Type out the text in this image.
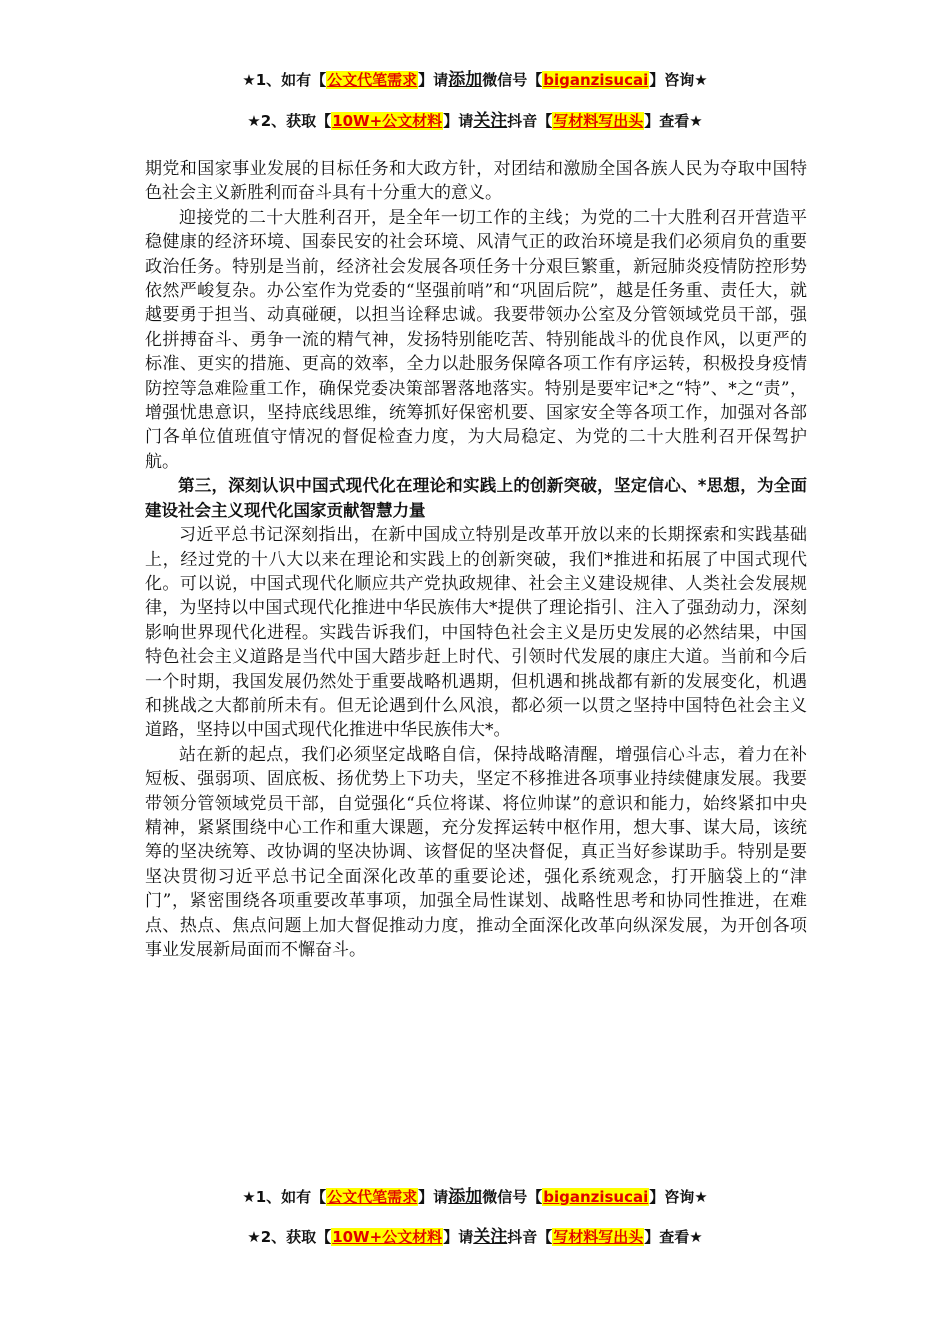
★1、如有【公文代笔需求】请添加微信号【biganzisucai】咨询★
★2、获取【10W+公文材料】请关注抖音【写材料写出头】查看★

期党和国家事业发展的目标任务和大政方针，对团结和激励全国各族人民为夺取中国特色社会主义新胜利而奋斗具有十分重大的意义。

迎接党的二十大胜利召开，是全年一切工作的主线；为党的二十大胜利召开营造平稳健康的经济环境、国泰民安的社会环境、风清气正的政治环境是我们必须肩负的重要政治任务。特别是当前，经济社会发展各项任务十分艰巨繁重，新冠肺炎疫情防控形势依然严峻复杂。办公室作为党委的“坚强前哨”和“巩固后院”，越是任务重、责任大，就越要勇于担当、动真碰硬，以担当诠释忠诚。我要带领办公室及分管领域党员干部，强化拼搏奋斗、勇争一流的精气神，发扬特别能吃苦、特别能战斗的优良作风，以更严的标准、更实的措施、更高的效率，全力以赴服务保障各项工作有序运转，积极投身疫情防控等急难险重工作，确保党委决策部署落地落实。特别是要牢记*之“特”、*之“责”，增强忧患意识，坚持底线思维，统筹抓好保密机要、国家安全等各项工作，加强对各部门各单位值班值守情况的督促检查力度，为大局稳定、为党的二十大胜利召开保驾护航。

第三，深刻认识中国式现代化在理论和实践上的创新突破，坚定信心、*思想，为全面建设社会主义现代化国家贡献智慧力量

习近平总书记深刻指出，在新中国成立特别是改革开放以来的长期探索和实践基础上，经过党的十八大以来在理论和实践上的创新突破，我们*推进和拓展了中国式现代化。可以说，中国式现代化顺应共产党执政规律、社会主义建设规律、人类社会发展规律，为坚持以中国式现代化推进中华民族伟大*提供了理论指引、注入了强劲动力，深刻影响世界现代化进程。实践告诉我们，中国特色社会主义是历史发展的必然结果，中国特色社会主义道路是当代中国大踏步赶上时代、引领时代发展的康庄大道。当前和今后一个时期，我国发展仍然处于重要战略机遇期，但机遇和挑战都有新的发展变化，机遇和挑战之大都前所未有。但无论遇到什么风浪，都必须一以贯之坚持中国特色社会主义道路，坚持以中国式现代化推进中华民族伟大*。

站在新的起点，我们必须坚定战略自信，保持战略清醒，增强信心斗志，着力在补短板、强弱项、固底板、扬优势上下功夫，坚定不移推进各项事业持续健康发展。我要带领分管领域党员干部，自觉强化“兵位将谋、将位帅谋”的意识和能力，始终紧扣中央精神，紧紧围绕中心工作和重大课题，充分发挥运转中枢作用，想大事、谋大局，该统筹的坚决统筹、改协调的坚决协调、该督促的坚决督促，真正当好参谋助手。特别是要坚决贯彻习近平总书记全面深化改革的重要论述，强化系统观念，打开脑袋上的“津门”，紧密围绕各项重要改革事项，加强全局性谋划、战略性思考和协同性推进，在难点、热点、焦点问题上加大督促推动力度，推动全面深化改革向纵深发展，为开创各项事业发展新局面而不懈奋斗。

★1、如有【公文代笔需求】请添加微信号【biganzisucai】咨询★
★2、获取【10W+公文材料】请关注抖音【写材料写出头】查看★
